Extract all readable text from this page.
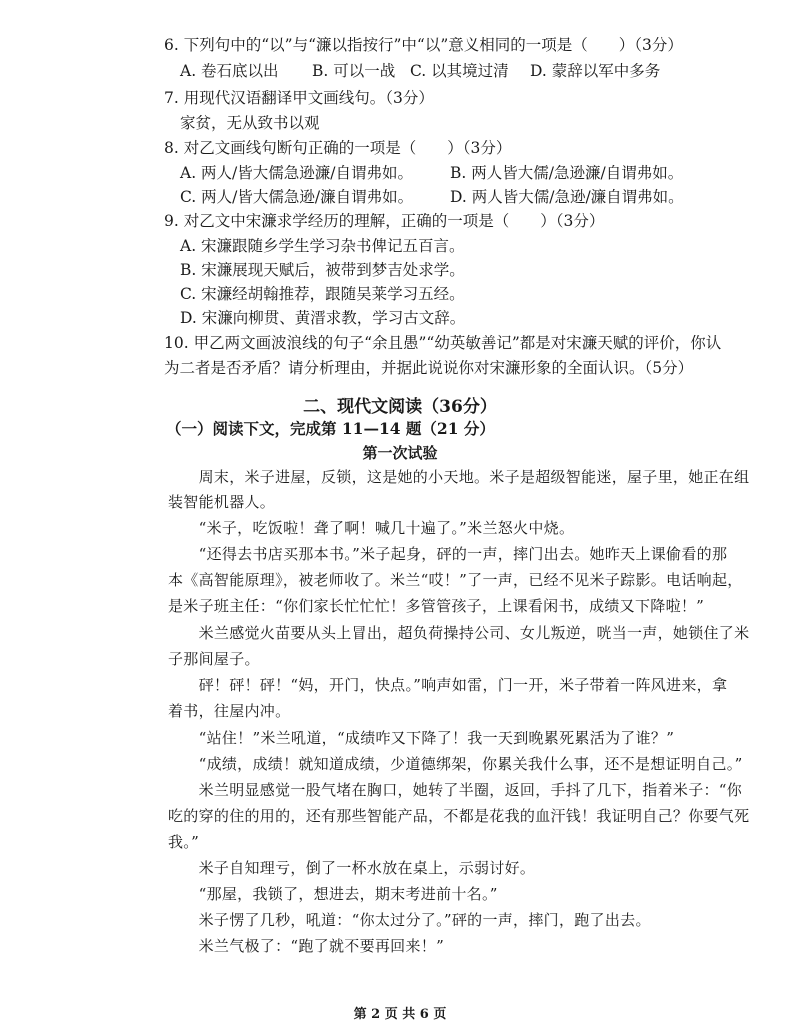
6. 下列句中的“以”与“濂以指按行”中“以”意义相同的一项是（　　）（3分）
A. 卷石底以出 B. 可以一战 C. 以其境过清 D. 蒙辞以军中多务
7. 用现代汉语翻译甲文画线句。（3分）
家贫，无从致书以观
8. 对乙文画线句断句正确的一项是（　　）（3分）
A. 两人/皆大儒急逊濂/自谓弗如。 B. 两人皆大儒/急逊濂/自谓弗如。
C. 两人/皆大儒急逊/濂自谓弗如。 D. 两人皆大儒/急逊/濂自谓弗如。
9. 对乙文中宋濂求学经历的理解，正确的一项是（　　）（3分）
A. 宋濂跟随乡学生学习杂书俾记五百言。
B. 宋濂展现天赋后，被带到梦吉处求学。
C. 宋濂经胡翰推荐，跟随吴莱学习五经。
D. 宋濂向柳贯、黄溍求教，学习古文辞。
10. 甲乙两文画波浪线的句子“余且愚”“幼英敏善记”都是对宋濂天赋的评价，你认
为二者是否矛盾？请分析理由，并据此说说你对宋濂形象的全面认识。（5分）
二、现代文阅读（36分）
（一）阅读下文，完成第 11—14 题（21 分）
第一次试验
　　周末，米子进屋，反锁，这是她的小天地。米子是超级智能迷，屋子里，她正在组
装智能机器人。
　　“米子，吃饭啦！聋了啊！喊几十遍了。”米兰怒火中烧。
　　“还得去书店买那本书。”米子起身，砰的一声，摔门出去。她昨天上课偷看的那
本《高智能原理》，被老师收了。米兰“哎！”了一声，已经不见米子踪影。电话响起，
是米子班主任：“你们家长忙忙忙！多管管孩子，上课看闲书，成绩又下降啦！”
　　米兰感觉火苗要从头上冒出，超负荷操持公司、女儿叛逆，咣当一声，她锁住了米
子那间屋子。
　　砰！砰！砰！“妈，开门，快点。”响声如雷，门一开，米子带着一阵风进来，拿
着书，往屋内冲。
　　“站住！”米兰吼道，“成绩咋又下降了！我一天到晚累死累活为了谁？”
　　“成绩，成绩！就知道成绩，少道德绑架，你累关我什么事，还不是想证明自己。”
　　米兰明显感觉一股气堵在胸口，她转了半圈，返回，手抖了几下，指着米子：“你
吃的穿的住的用的，还有那些智能产品，不都是花我的血汗钱！我证明自己？你要气死
我。”
　　米子自知理亏，倒了一杯水放在桌上，示弱讨好。
　　“那屋，我锁了，想进去，期末考进前十名。”
　　米子愣了几秒，吼道：“你太过分了。”砰的一声，摔门，跑了出去。
　　米兰气极了：“跑了就不要再回来！”
第 2 页 共 6 页
